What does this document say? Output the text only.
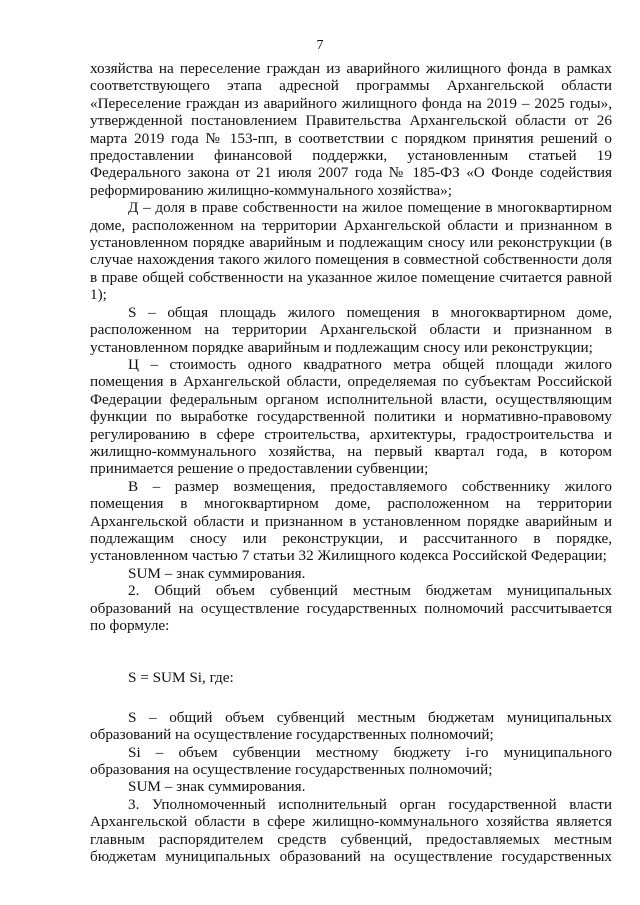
7

хозяйства на переселение граждан из аварийного жилищного фонда в рамках соответствующего этапа адресной программы Архангельской области «Переселение граждан из аварийного жилищного фонда на 2019 – 2025 годы», утвержденной постановлением Правительства Архангельской области от 26 марта 2019 года № 153-пп, в соответствии с порядком принятия решений о предоставлении финансовой поддержки, установленным статьей 19 Федерального закона от 21 июля 2007 года № 185-ФЗ «О Фонде содействия реформированию жилищно-коммунального хозяйства»;

Д – доля в праве собственности на жилое помещение в многоквартирном доме, расположенном на территории Архангельской области и признанном в установленном порядке аварийным и подлежащим сносу или реконструкции (в случае нахождения такого жилого помещения в совместной собственности доля в праве общей собственности на указанное жилое помещение считается равной 1);

S – общая площадь жилого помещения в многоквартирном доме, расположенном на территории Архангельской области и признанном в установленном порядке аварийным и подлежащим сносу или реконструкции;

Ц – стоимость одного квадратного метра общей площади жилого помещения в Архангельской области, определяемая по субъектам Российской Федерации федеральным органом исполнительной власти, осуществляющим функции по выработке государственной политики и нормативно-правовому регулированию в сфере строительства, архитектуры, градостроительства и жилищно-коммунального хозяйства, на первый квартал года, в котором принимается решение о предоставлении субвенции;

В – размер возмещения, предоставляемого собственнику жилого помещения в многоквартирном доме, расположенном на территории Архангельской области и признанном в установленном порядке аварийным и подлежащим сносу или реконструкции, и рассчитанного в порядке, установленном частью 7 статьи 32 Жилищного кодекса Российской Федерации;

SUM – знак суммирования.

2. Общий объем субвенций местным бюджетам муниципальных образований на осуществление государственных полномочий рассчитывается по формуле:

S = SUM Si, где:

S – общий объем субвенций местным бюджетам муниципальных образований на осуществление государственных полномочий;

Si – объем субвенции местному бюджету i-го муниципального образования на осуществление государственных полномочий;

SUM – знак суммирования.

3. Уполномоченный исполнительный орган государственной власти Архангельской области в сфере жилищно-коммунального хозяйства является главным распорядителем средств субвенций, предоставляемых местным бюджетам муниципальных образований на осуществление государственных
